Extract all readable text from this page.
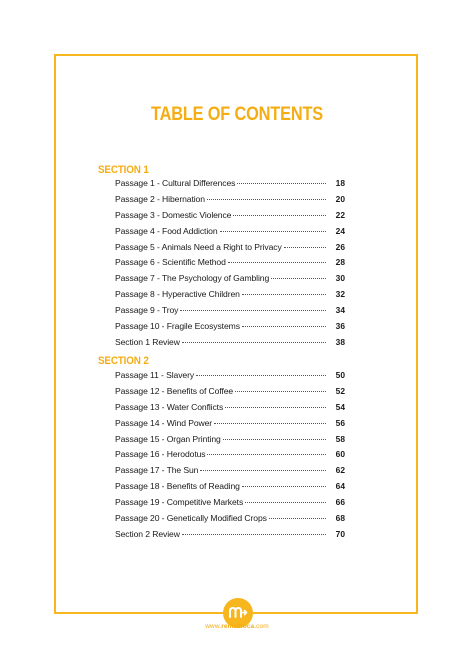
TABLE OF CONTENTS
SECTION 1
Passage 1 - Cultural Differences	18
Passage 2 - Hibernation	20
Passage 3 - Domestic Violence	22
Passage 4 - Food Addiction	24
Passage 5 - Animals Need a Right to Privacy	26
Passage 6 - Scientific Method	28
Passage 7 - The Psychology of Gambling	30
Passage 8 - Hyperactive Children	32
Passage 9 - Troy	34
Passage 10 - Fragile Ecosystems	36
Section 1 Review	38
SECTION 2
Passage 11 - Slavery	50
Passage 12 - Benefits of Coffee	52
Passage 13 - Water Conflicts	54
Passage 14 - Wind Power	56
Passage 15 - Organ Printing	58
Passage 16 - Herodotus	60
Passage 17 - The Sun	62
Passage 18 - Benefits of Reading	64
Passage 19 - Competitive Markets	66
Passage 20 - Genetically Modified Crops	68
Section 2 Review	70
www.remzihoca.com
